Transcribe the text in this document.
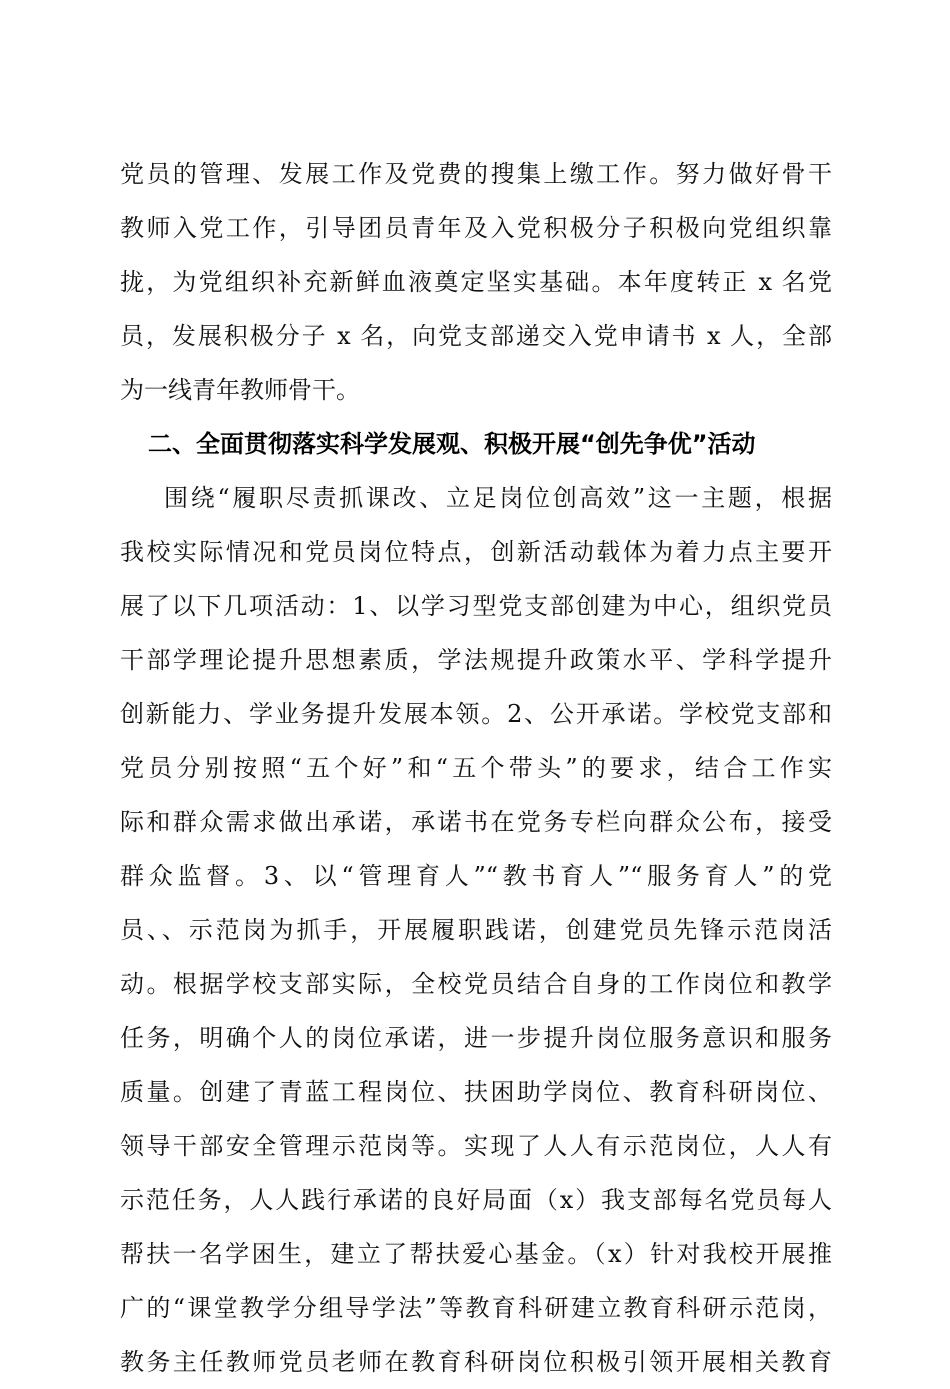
党员的管理、发展工作及党费的搜集上缴工作。努力做好骨干
教师入党工作，引导团员青年及入党积极分子积极向党组织靠
拢，为党组织补充新鲜血液奠定坚实基础。本年度转正 x 名党
员，发展积极分子 x 名，向党支部递交入党申请书 x 人，全部
为一线青年教师骨干。
二、全面贯彻落实科学发展观、积极开展“创先争优”活动
围绕“履职尽责抓课改、立足岗位创高效”这一主题，根据
我校实际情况和党员岗位特点，创新活动载体为着力点主要开
展了以下几项活动：1、以学习型党支部创建为中心，组织党员
干部学理论提升思想素质，学法规提升政策水平、学科学提升
创新能力、学业务提升发展本领。2、公开承诺。学校党支部和
党员分别按照“五个好”和“五个带头”的要求，结合工作实
际和群众需求做出承诺，承诺书在党务专栏向群众公布，接受
群众监督。3、以“管理育人”“教书育人”“服务育人”的党
员、、示范岗为抓手，开展履职践诺，创建党员先锋示范岗活
动。根据学校支部实际，全校党员结合自身的工作岗位和教学
任务，明确个人的岗位承诺，进一步提升岗位服务意识和服务
质量。创建了青蓝工程岗位、扶困助学岗位、教育科研岗位、
领导干部安全管理示范岗等。实现了人人有示范岗位，人人有
示范任务，人人践行承诺的良好局面（x）我支部每名党员每人
帮扶一名学困生，建立了帮扶爱心基金。（x）针对我校开展推
广的“课堂教学分组导学法”等教育科研建立教育科研示范岗，
教务主任教师党员老师在教育科研岗位积极引领开展相关教育
